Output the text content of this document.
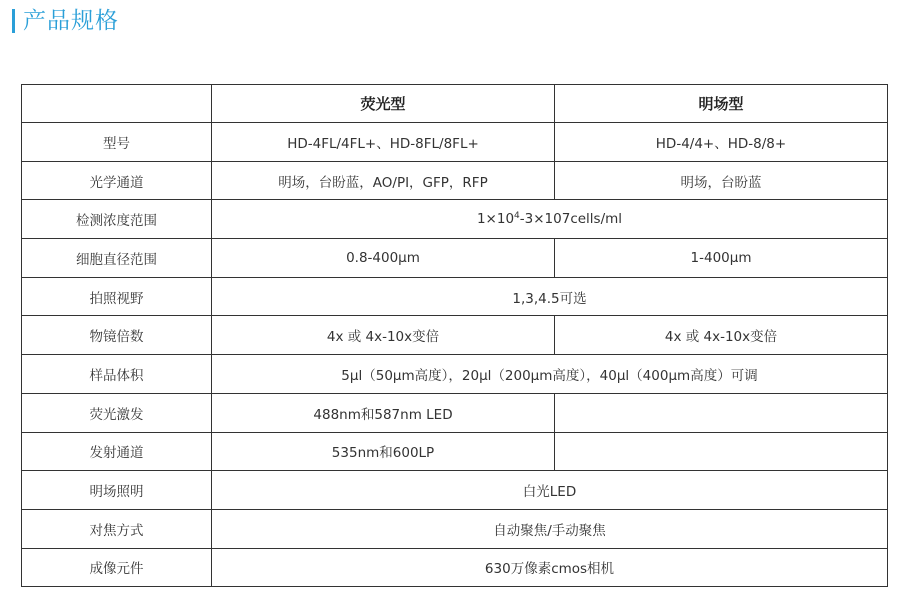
产品规格
	荧光型	明场型
型号	HD-4FL/4FL+、HD-8FL/8FL+	HD-4/4+、HD-8/8+
光学通道	明场，台盼蓝，AO/PI，GFP，RFP	明场，台盼蓝
检测浓度范围	$1\times 10^4-3\times 107cells/ml$	
细胞直径范围	0.8-400μm	1-400μm
拍照视野	1,3,4.5可选	
物镜倍数	4x 或 4x-10x变倍	4x 或 4x-10x变倍
样品体积	5μl（50μm高度），20μl（200μm高度），40μl（400μm高度）可调	
荧光激发	488nm和587nm LED	
发射通道	535nm和600LP	
明场照明	白光LED	
对焦方式	自动聚焦/手动聚焦	
成像元件	630万像素cmos相机	
